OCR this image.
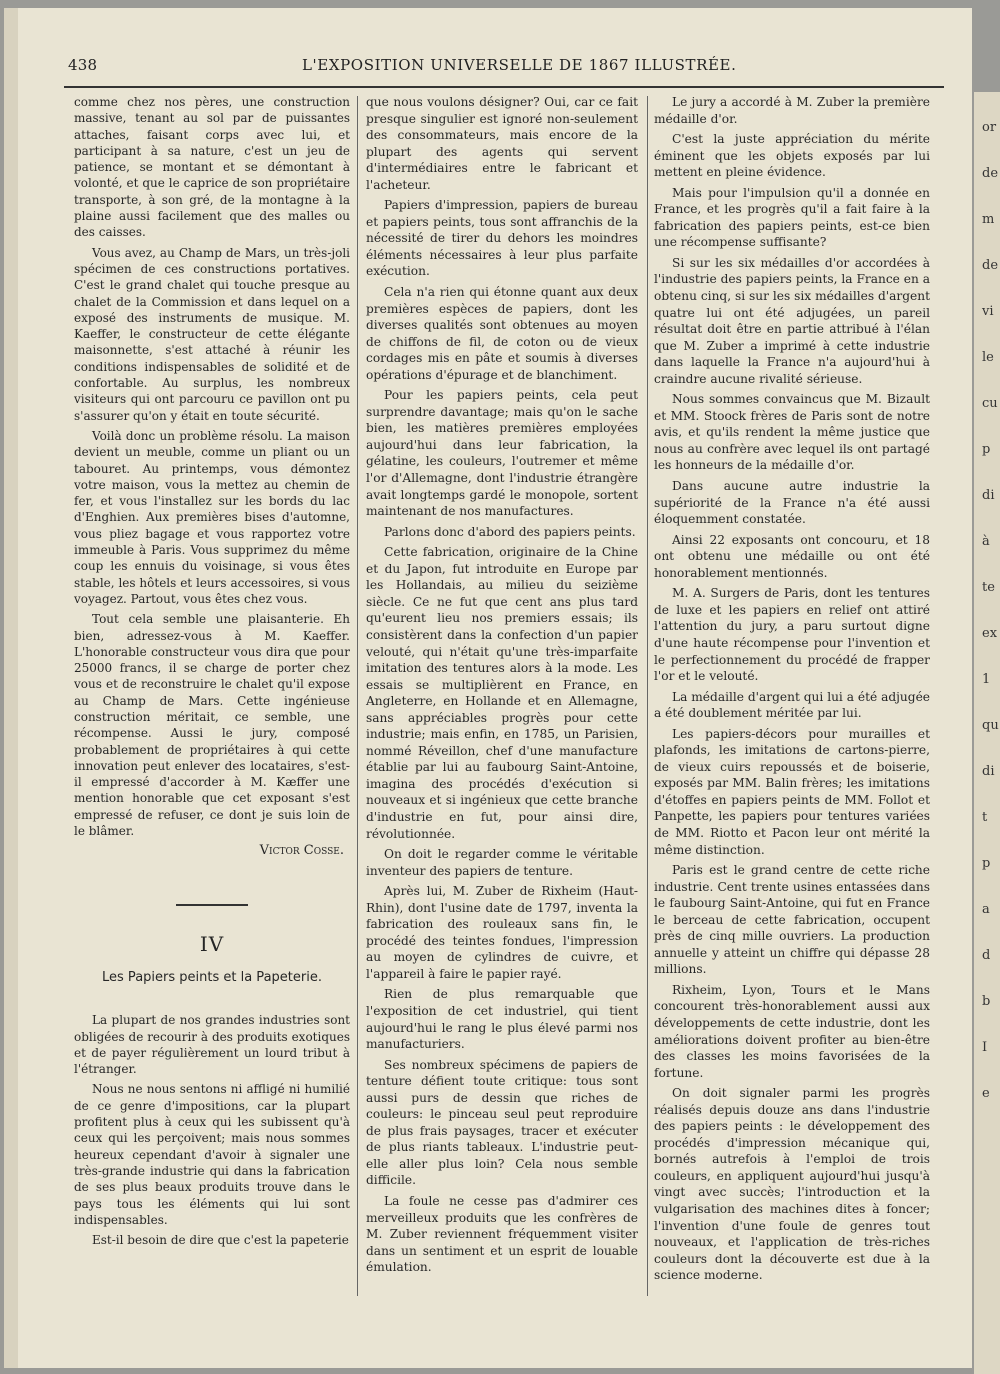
438	L'EXPOSITION UNIVERSELLE DE 1867 ILLUSTRÉE.

comme chez nos pères, une construction massive, tenant au sol par de puissantes attaches, faisant corps avec lui, et participant à sa nature, c'est un jeu de patience, se montant et se démontant à volonté, et que le caprice de son propriétaire transporte, à son gré, de la montagne à la plaine aussi facilement que des malles ou des caisses.

Vous avez, au Champ de Mars, un très-joli spécimen de ces constructions portatives. C'est le grand chalet qui touche presque au chalet de la Commission et dans lequel on a exposé des instruments de musique. M. Kaeffer, le constructeur de cette élégante maisonnette, s'est attaché à réunir les conditions indispensables de solidité et de confortable. Au surplus, les nombreux visiteurs qui ont parcouru ce pavillon ont pu s'assurer qu'on y était en toute sécurité.

Voilà donc un problème résolu. La maison devient un meuble, comme un pliant ou un tabouret. Au printemps, vous démontez votre maison, vous la mettez au chemin de fer, et vous l'installez sur les bords du lac d'Enghien. Aux premières bises d'automne, vous pliez bagage et vous rapportez votre immeuble à Paris. Vous supprimez du même coup les ennuis du voisinage, si vous êtes stable, les hôtels et leurs accessoires, si vous voyagez. Partout, vous êtes chez vous.

Tout cela semble une plaisanterie. Eh bien, adressez-vous à M. Kaeffer. L'honorable constructeur vous dira que pour 25000 francs, il se charge de porter chez vous et de reconstruire le chalet qu'il expose au Champ de Mars. Cette ingénieuse construction méritait, ce semble, une récompense. Aussi le jury, composé probablement de propriétaires à qui cette innovation peut enlever des locataires, s'est-il empressé d'accorder à M. Kæffer une mention honorable que cet exposant s'est empressé de refuser, ce dont je suis loin de le blâmer.

Victor Cosse.
IV
Les Papiers peints et la Papeterie.

La plupart de nos grandes industries sont obligées de recourir à des produits exotiques et de payer régulièrement un lourd tribut à l'étranger.

Nous ne nous sentons ni affligé ni humilié de ce genre d'impositions, car la plupart profitent plus à ceux qui les subissent qu'à ceux qui les perçoivent; mais nous sommes heureux cependant d'avoir à signaler une très-grande industrie qui dans la fabrication de ses plus beaux produits trouve dans le pays tous les éléments qui lui sont indispensables.

Est-il besoin de dire que c'est la papeterie

que nous voulons désigner? Oui, car ce fait presque singulier est ignoré non-seulement des consommateurs, mais encore de la plupart des agents qui servent d'intermédiaires entre le fabricant et l'acheteur.

Papiers d'impression, papiers de bureau et papiers peints, tous sont affranchis de la nécessité de tirer du dehors les moindres éléments nécessaires à leur plus parfaite exécution.

Cela n'a rien qui étonne quant aux deux premières espèces de papiers, dont les diverses qualités sont obtenues au moyen de chiffons de fil, de coton ou de vieux cordages mis en pâte et soumis à diverses opérations d'épurage et de blanchiment.

Pour les papiers peints, cela peut surprendre davantage; mais qu'on le sache bien, les matières premières employées aujourd'hui dans leur fabrication, la gélatine, les couleurs, l'outremer et même l'or d'Allemagne, dont l'industrie étrangère avait longtemps gardé le monopole, sortent maintenant de nos manufactures.

Parlons donc d'abord des papiers peints.

Cette fabrication, originaire de la Chine et du Japon, fut introduite en Europe par les Hollandais, au milieu du seizième siècle. Ce ne fut que cent ans plus tard qu'eurent lieu nos premiers essais; ils consistèrent dans la confection d'un papier velouté, qui n'était qu'une très-imparfaite imitation des tentures alors à la mode. Les essais se multiplièrent en France, en Angleterre, en Hollande et en Allemagne, sans appréciables progrès pour cette industrie; mais enfin, en 1785, un Parisien, nommé Réveillon, chef d'une manufacture établie par lui au faubourg Saint-Antoine, imagina des procédés d'exécution si nouveaux et si ingénieux que cette branche d'industrie en fut, pour ainsi dire, révolutionnée.

On doit le regarder comme le véritable inventeur des papiers de tenture.

Après lui, M. Zuber de Rixheim (Haut-Rhin), dont l'usine date de 1797, inventa la fabrication des rouleaux sans fin, le procédé des teintes fondues, l'impression au moyen de cylindres de cuivre, et l'appareil à faire le papier rayé.

Rien de plus remarquable que l'exposition de cet industriel, qui tient aujourd'hui le rang le plus élevé parmi nos manufacturiers.

Ses nombreux spécimens de papiers de tenture défient toute critique: tous sont aussi purs de dessin que riches de couleurs: le pinceau seul peut reproduire de plus frais paysages, tracer et exécuter de plus riants tableaux. L'industrie peut-elle aller plus loin? Cela nous semble difficile.

La foule ne cesse pas d'admirer ces merveilleux produits que les confrères de M. Zuber reviennent fréquemment visiter dans un sentiment et un esprit de louable émulation.

Le jury a accordé à M. Zuber la première médaille d'or.

C'est la juste appréciation du mérite éminent que les objets exposés par lui mettent en pleine évidence.

Mais pour l'impulsion qu'il a donnée en France, et les progrès qu'il a fait faire à la fabrication des papiers peints, est-ce bien une récompense suffisante?

Si sur les six médailles d'or accordées à l'industrie des papiers peints, la France en a obtenu cinq, si sur les six médailles d'argent quatre lui ont été adjugées, un pareil résultat doit être en partie attribué à l'élan que M. Zuber a imprimé à cette industrie dans laquelle la France n'a aujourd'hui à craindre aucune rivalité sérieuse.

Nous sommes convaincus que M. Bizault et MM. Stoock frères de Paris sont de notre avis, et qu'ils rendent la même justice que nous au confrère avec lequel ils ont partagé les honneurs de la médaille d'or.

Dans aucune autre industrie la supériorité de la France n'a été aussi éloquemment constatée.

Ainsi 22 exposants ont concouru, et 18 ont obtenu une médaille ou ont été honorablement mentionnés.

M. A. Surgers de Paris, dont les tentures de luxe et les papiers en relief ont attiré l'attention du jury, a paru surtout digne d'une haute récompense pour l'invention et le perfectionnement du procédé de frapper l'or et le velouté.

La médaille d'argent qui lui a été adjugée a été doublement méritée par lui.

Les papiers-décors pour murailles et plafonds, les imitations de cartons-pierre, de vieux cuirs repoussés et de boiserie, exposés par MM. Balin frères; les imitations d'étoffes en papiers peints de MM. Follot et Panpette, les papiers pour tentures variées de MM. Riotto et Pacon leur ont mérité la même distinction.

Paris est le grand centre de cette riche industrie. Cent trente usines entassées dans le faubourg Saint-Antoine, qui fut en France le berceau de cette fabrication, occupent près de cinq mille ouvriers. La production annuelle y atteint un chiffre qui dépasse 28 millions.

Rixheim, Lyon, Tours et le Mans concourent très-honorablement aussi aux développements de cette industrie, dont les améliorations doivent profiter au bien-être des classes les moins favorisées de la fortune.

On doit signaler parmi les progrès réalisés depuis douze ans dans l'industrie des papiers peints : le développement des procédés d'impression mécanique qui, bornés autrefois à l'emploi de trois couleurs, en appliquent aujourd'hui jusqu'à vingt avec succès; l'introduction et la vulgarisation des machines dites à foncer; l'invention d'une foule de genres tout nouveaux, et l'application de très-riches couleurs dont la découverte est due à la science moderne.

or
de
m
de
vi
le
cu
p
di
à
te
ex
1
qu
di
t
p
a
d
b
I
e
